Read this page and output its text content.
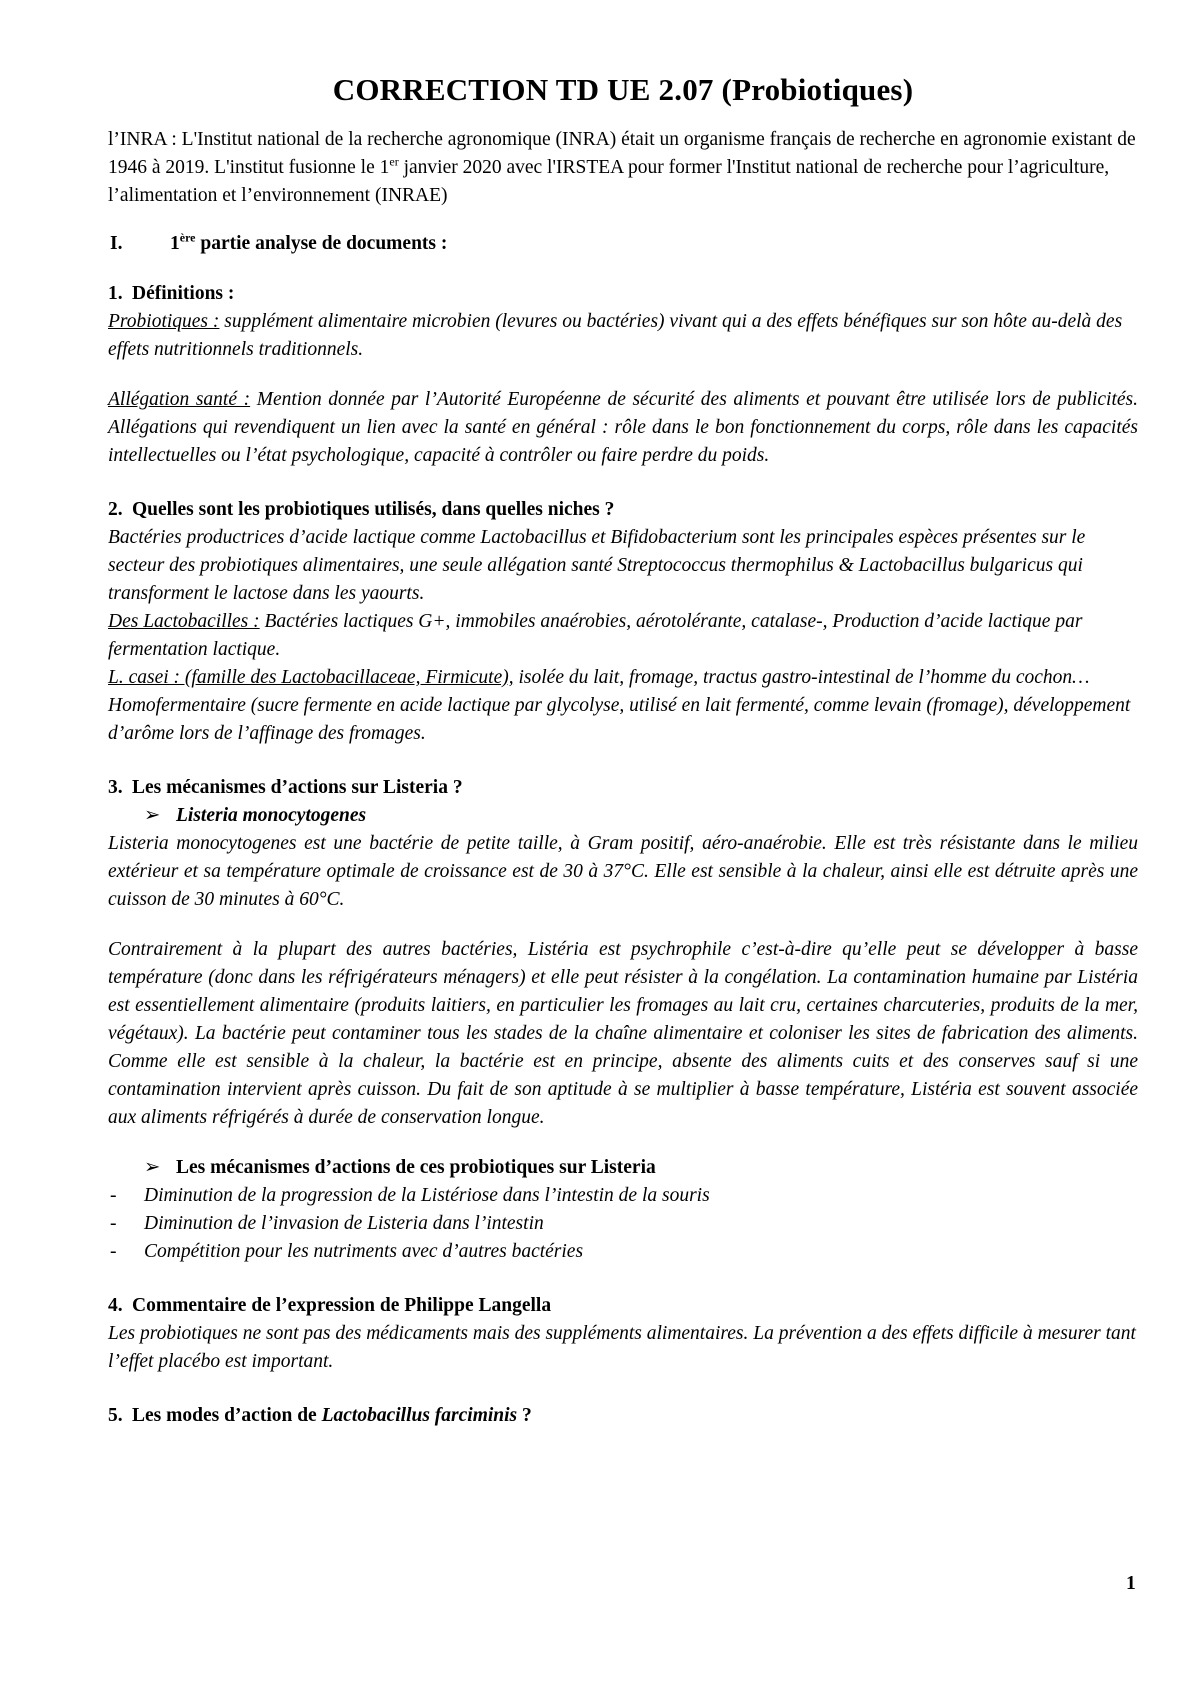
CORRECTION TD UE 2.07 (Probiotiques)

l’INRA : L'Institut national de la recherche agronomique (INRA) était un organisme français de recherche en agronomie existant de 1946 à 2019. L'institut fusionne le 1er janvier 2020 avec l'IRSTEA pour former l'Institut national de recherche pour l’agriculture, l’alimentation et l’environnement (INRAE)

I.	1ère partie analyse de documents :
1. Définitions :

Probiotiques : supplément alimentaire microbien (levures ou bactéries) vivant qui a des effets bénéfiques sur son hôte au-delà des effets nutritionnels traditionnels.

Allégation santé : Mention donnée par l’Autorité Européenne de sécurité des aliments et pouvant être utilisée lors de publicités. Allégations qui revendiquent un lien avec la santé en général : rôle dans le bon fonctionnement du corps, rôle dans les capacités intellectuelles ou l’état psychologique, capacité à contrôler ou faire perdre du poids.

2. Quelles sont les probiotiques utilisés, dans quelles niches ?

Bactéries productrices d’acide lactique comme Lactobacillus et Bifidobacterium sont les principales espèces présentes sur le secteur des probiotiques alimentaires, une seule allégation santé Streptococcus thermophilus & Lactobacillus bulgaricus qui transforment le lactose dans les yaourts.

Des Lactobacilles : Bactéries lactiques G+, immobiles anaérobies, aérotolérante, catalase-, Production d’acide lactique par fermentation lactique.

L. casei : (famille des Lactobacillaceae, Firmicute), isolée du lait, fromage, tractus gastro-intestinal de l’homme du cochon…Homofermentaire (sucre fermente en acide lactique par glycolyse, utilisé en lait fermenté, comme levain (fromage), développement d’arôme lors de l’affinage des fromages.

3. Les mécanismes d’actions sur Listeria ?
➢ Listeria monocytogenes

Listeria monocytogenes est une bactérie de petite taille, à Gram positif, aéro-anaérobie. Elle est très résistante dans le milieu extérieur et sa température optimale de croissance est de 30 à 37°C. Elle est sensible à la chaleur, ainsi elle est détruite après une cuisson de 30 minutes à 60°C.

Contrairement à la plupart des autres bactéries, Listéria est psychrophile c’est-à-dire qu’elle peut se développer à basse température (donc dans les réfrigérateurs ménagers) et elle peut résister à la congélation. La contamination humaine par Listéria est essentiellement alimentaire (produits laitiers, en particulier les fromages au lait cru, certaines charcuteries, produits de la mer, végétaux). La bactérie peut contaminer tous les stades de la chaîne alimentaire et coloniser les sites de fabrication des aliments. Comme elle est sensible à la chaleur, la bactérie est en principe, absente des aliments cuits et des conserves sauf si une contamination intervient après cuisson. Du fait de son aptitude à se multiplier à basse température, Listéria est souvent associée aux aliments réfrigérés à durée de conservation longue.

➢ Les mécanismes d’actions de ces probiotiques sur Listeria
-	Diminution de la progression de la Listériose dans l’intestin de la souris
-	Diminution de l’invasion de Listeria dans l’intestin
-	Compétition pour les nutriments avec d’autres bactéries
4. Commentaire de l’expression de Philippe Langella

Les probiotiques ne sont pas des médicaments mais des suppléments alimentaires. La prévention a des effets difficile à mesurer tant l’effet placébo est important.

5. Les modes d’action de Lactobacillus farciminis ?
1
